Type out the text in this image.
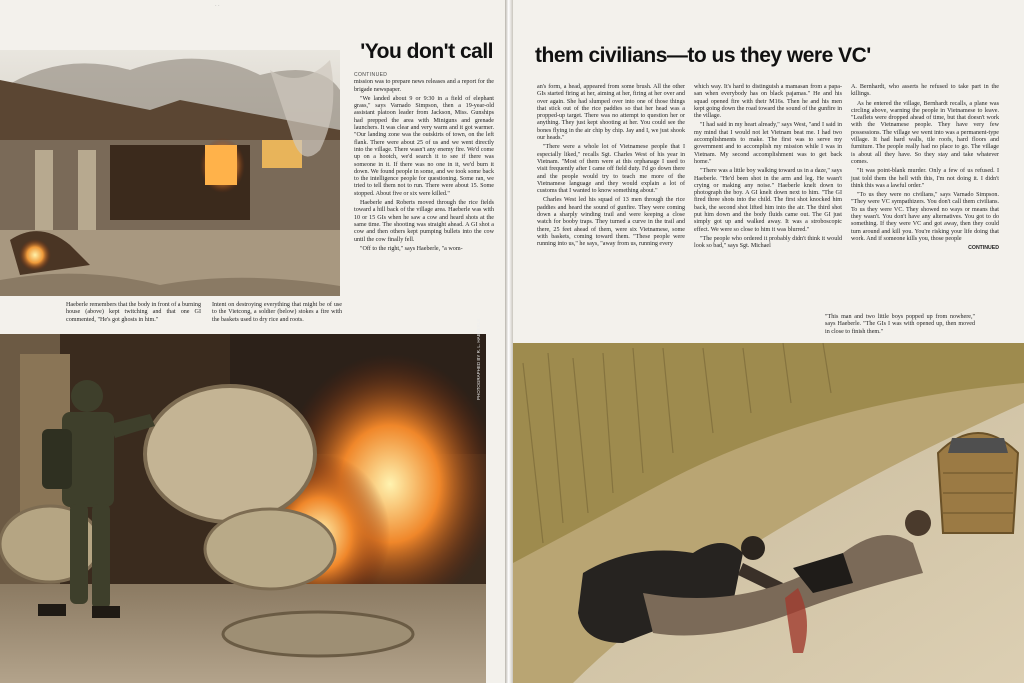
· ·
'You don't call
CONTINUED

mission was to prepare news releases and a report for the brigade newspaper.

"We landed about 9 or 9:30 in a field of elephant grass," says Varnado Simpson, then a 19-year-old assistant platoon leader from Jackson, Miss. Gunships had prepped the area with Miniguns and grenade launchers. It was clear and very warm and it got warmer. "Our landing zone was the outskirts of town, on the left flank. There were about 25 of us and we went directly into the village. There wasn't any enemy fire. We'd come up on a hootch, we'd search it to see if there was someone in it. If there was no one in it, we'd burn it down. We found people in some, and we took some back to the intelligence people for questioning. Some ran, we tried to tell them not to run. There were about 15. Some stopped. About five or six were killed."

Haeberle and Roberts moved through the rice fields toward a hill back of the village area. Haeberle was with 10 or 15 GIs when he saw a cow and heard shots at the same time. The shooting was straight ahead. A GI shot a cow and then others kept pumping bullets into the cow until the cow finally fell.

"Off to the right," says Haeberle, "a wom-

Haeberle remembers that the body in front of a burning house (above) kept twitching and that one GI commented, "He's got ghosts in him."
Intent on destroying everything that might be of use to the Vietcong, a soldier (below) stokes a fire with the baskets used to dry rice and roots.	PHOTOGRAPHED BY R. L. HAEBERLE
them civilians—to us they were VC'

an's form, a head, appeared from some brush. All the other GIs started firing at her, aiming at her, firing at her over and over again. She had slumped over into one of those things that stick out of the rice paddies so that her head was a propped-up target. There was no attempt to question her or anything. They just kept shooting at her. You could see the bones flying in the air chip by chip. Jay and I, we just shook our heads."

"There were a whole lot of Vietnamese people that I especially liked," recalls Sgt. Charles West of his year in Vietnam. "Most of them were at this orphanage I used to visit frequently after I came off field duty. I'd go down there and the people would try to teach me more of the Vietnamese language and they would explain a lot of customs that I wanted to know something about."

Charles West led his squad of 13 men through the rice paddies and heard the sound of gunfire. They were coming down a sharply winding trail and were keeping a close watch for booby traps. They turned a curve in the trail and there, 25 feet ahead of them, were six Vietnamese, some with baskets, coming toward them. "These people were running into us," he says, "away from us, running every

which way. It's hard to distinguish a mamasan from a papa-san when everybody has on black pajamas." He and his squad opened fire with their M16s. Then he and his men kept going down the road toward the sound of the gunfire in the village.

"I had said in my heart already," says West, "and I said in my mind that I would not let Vietnam beat me. I had two accomplishments to make. The first was to serve my government and to accomplish my mission while I was in Vietnam. My second accomplishment was to get back home."

"There was a little boy walking toward us in a daze," says Haeberle. "He'd been shot in the arm and leg. He wasn't crying or making any noise." Haeberle knelt down to photograph the boy. A GI knelt down next to him. "The GI fired three shots into the child. The first shot knocked him back, the second shot lifted him into the air. The third shot put him down and the body fluids came out. The GI just simply got up and walked away. It was a stroboscopic effect. We were so close to him it was blurred."

"The people who ordered it probably didn't think it would look so bad," says Sgt. Michael

A. Bernhardt, who asserts he refused to take part in the killings.

As he entered the village, Bernhardt recalls, a plane was circling above, warning the people in Vietnamese to leave. "Leaflets were dropped ahead of time, but that doesn't work with the Vietnamese people. They have very few possessions. The village we went into was a permanent-type village. It had hard walls, tile roofs, hard floors and furniture. The people really had no place to go. The village is about all they have. So they stay and take whatever comes.

"It was point-blank murder. Only a few of us refused. I just told them the hell with this, I'm not doing it. I didn't think this was a lawful order."

"To us they were no civilians," says Varnado Simpson. "They were VC sympathizers. You don't call them civilians. To us they were VC. They showed no ways or means that they wasn't. You don't have any alternatives. You got to do something. If they were VC and got away, then they could turn around and kill you. You're risking your life doing that work. And if someone kills you, those people

CONTINUED
"This man and two little boys popped up from nowhere," says Haeberle. "The GIs I was with opened up, then moved in close to finish them."
